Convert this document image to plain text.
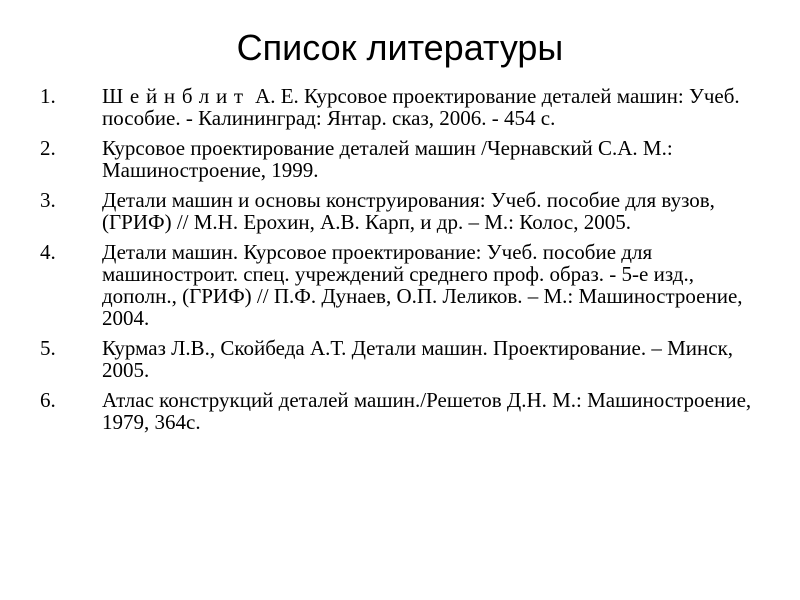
Список литературы
1.	Шейнблит А. Е. Курсовое проектирование деталей машин: Учеб. пособие. - Калининград: Янтар. сказ, 2006. - 454 с.
2.	Курсовое проектирование деталей машин /Чернавский С.А. М.: Машиностроение, 1999.
3.	Детали машин и основы конструирования: Учеб. пособие для вузов, (ГРИФ) // М.Н. Ерохин, А.В. Карп, и др. – М.: Колос, 2005.
4.	Детали машин. Курсовое проектирование: Учеб. пособие для машиностроит. спец. учреждений среднего проф. образ. - 5-е изд., дополн., (ГРИФ) // П.Ф. Дунаев, О.П. Леликов. – М.: Машиностроение, 2004.
5.	Курмаз Л.В., Скойбеда А.Т. Детали машин. Проектирование. – Минск, 2005.
6.	Атлас конструкций деталей машин./Решетов Д.Н. М.: Машиностроение, 1979, 364с.
